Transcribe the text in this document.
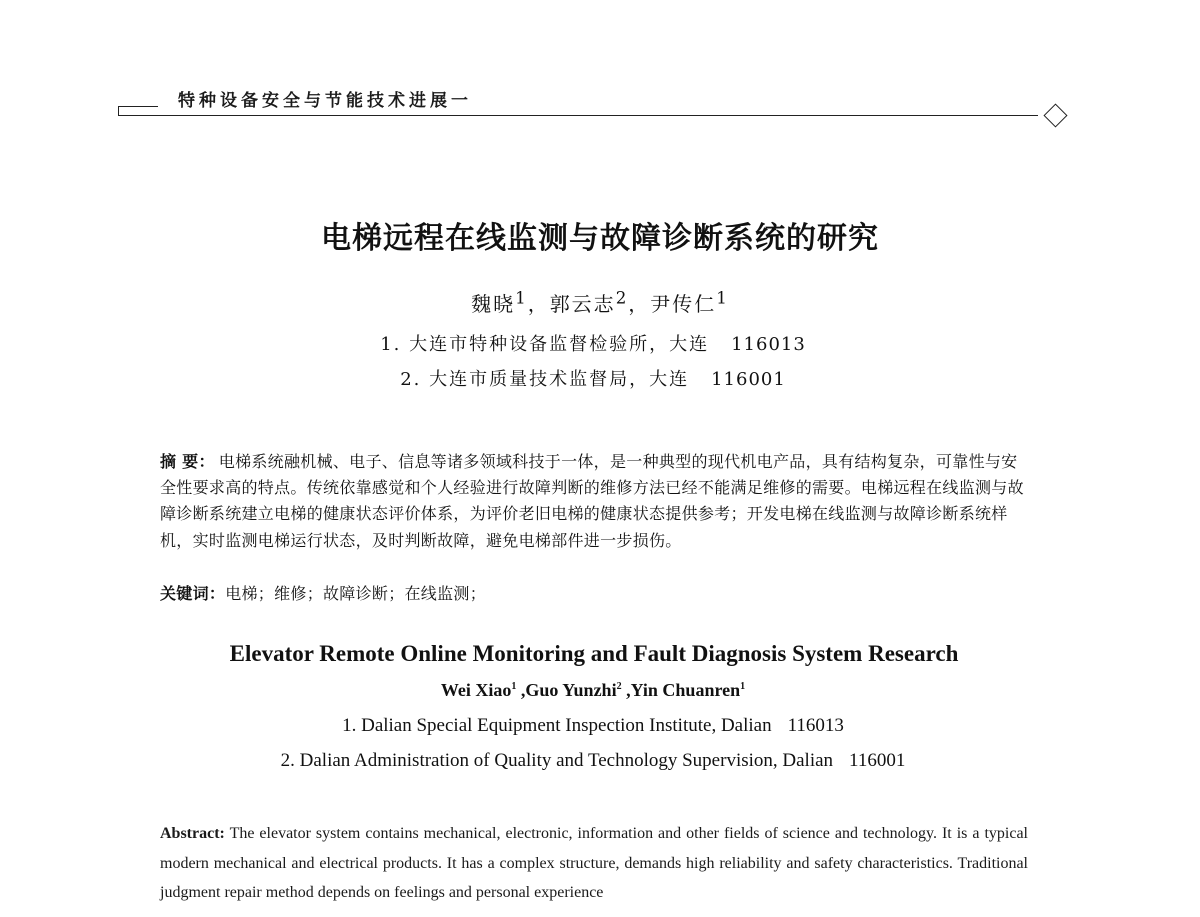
特种设备安全与节能技术进展一
电梯远程在线监测与故障诊断系统的研究
魏晓$^1$，郭云志$^2$，尹传仁$^1$
1. 大连市特种设备监督检验所，大连 116013
2. 大连市质量技术监督局，大连 116001
摘 要： 电梯系统融机械、电子、信息等诸多领域科技于一体，是一种典型的现代机电产品，具有结构复杂，可靠性与安全性要求高的特点。传统依靠感觉和个人经验进行故障判断的维修方法已经不能满足维修的需要。电梯远程在线监测与故障诊断系统建立电梯的健康状态评价体系，为评价老旧电梯的健康状态提供参考；开发电梯在线监测与故障诊断系统样机，实时监测电梯运行状态，及时判断故障，避免电梯部件进一步损伤。
关键词：电梯；维修；故障诊断；在线监测；
Elevator Remote Online Monitoring and Fault Diagnosis System Research
Wei Xiao$^1$ ,Guo Yunzhi$^2$ ,Yin Chuanren$^1$
1. Dalian Special Equipment Inspection Institute, Dalian 116013
2. Dalian Administration of Quality and Technology Supervision, Dalian 116001
Abstract: The elevator system contains mechanical, electronic, information and other fields of science and technology. It is a typical modern mechanical and electrical products. It has a complex structure, demands high reliability and safety characteristics. Traditional judgment repair method depends on feelings and personal experience
